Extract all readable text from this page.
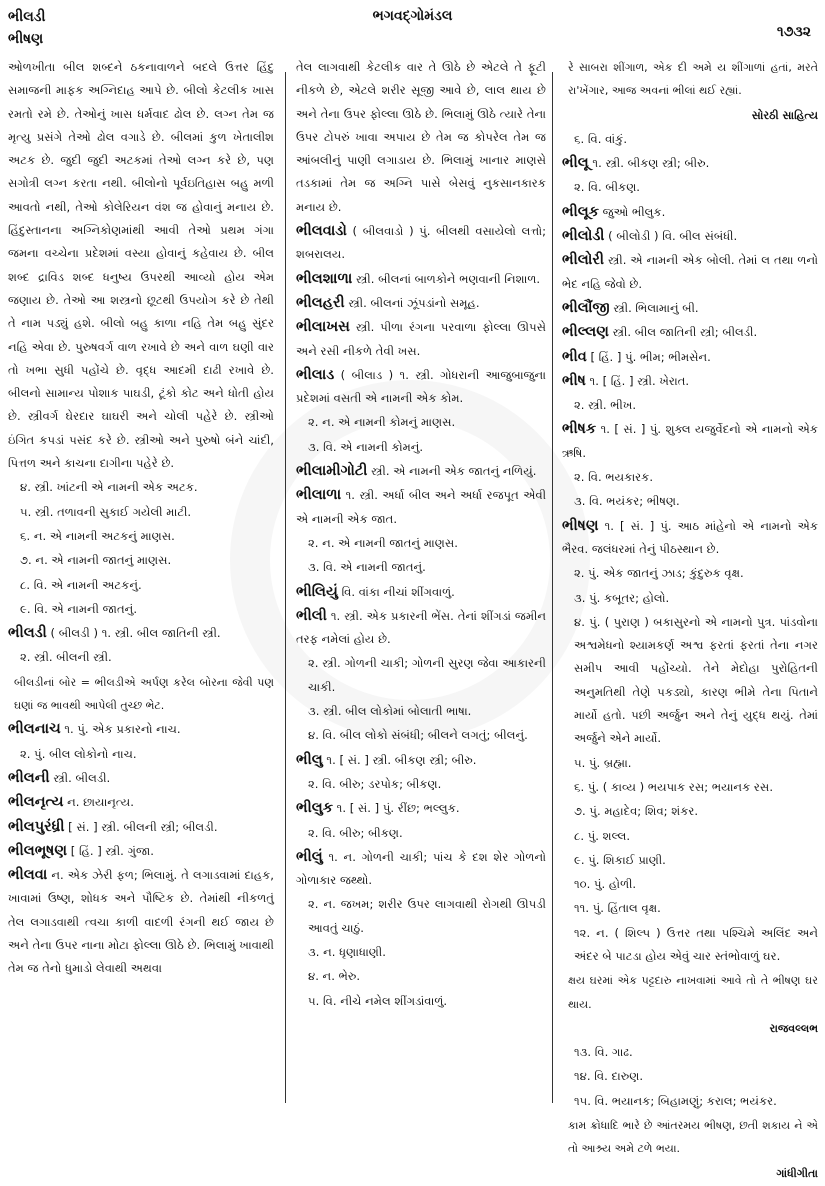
ભીલડી
ભીષણ
ભગવદ્ગોમંડલ
૧૭૩૨
ઓળખીતા બીલ શબ્દને ઠકનાવાળને બદલે ઉત્તર હિંદુ સમાજની માફક અગ્નિદાહ આપે છે. બીલો કેટલીક ખાસ રમતો રમે છે. તેઓનું ખાસ ધર્મવાદ ઢોલ છે. લગ્ન તેમ જ મૃત્યુ પ્રસંગે તેઓ ઢોલ વગાડે છે. બીલમાં કુળ ખેતાલીશ અટક છે. જુદી જુદી અટકમાં તેઓ લગ્ન કરે છે, પણ સગોત્રી લગ્ન કરતા નથી. બીલોનો પૂર્વઇતિહાસ બહુ મળી આવતો નથી, તેઓ કોલેરિયન વંશ જ હોવાનું મનાય છે. હિંદુસ્તાનના અગ્નિકોણમાંથી આવી તેઓ પ્રથમ ગંગા જમના વચ્ચેના પ્રદેશમાં વસ્યા હોવાનું કહેવાય છે. બીલ શબ્દ દ્રાવિડ શબ્દ ધનુષ્ય ઉપરથી આવ્યો હોય એમ જણાય છે. તેઓ આ શસ્ત્રનો છૂટથી ઉપયોગ કરે છે તેથી તે નામ પડ્યું હશે. બીલો બહુ કાળા નહિ તેમ બહુ સુંદર નહિ એવા છે. પુરુષવર્ગ વાળ રખાવે છે અને વાળ ઘણી વાર તો ખભા સુધી પહોંચે છે. વૃદ્ધ આદમી દાઢી રખાવે છે. બીલનો સામાન્ય પોશાક પાઘડી, ટૂંકો કોટ અને ધોતી હોય છે. સ્ત્રીવર્ગ ઘેરદાર ઘાઘરી અને ચોલી પહેરે છે. સ્ત્રીઓ ઇંગિત કપડાં પસંદ કરે છે. સ્ત્રીઓ અને પુરુષો બંને ચાંદી, પિત્તળ અને કાચના દાગીના પહેરે છે.
૪. સ્ત્રી. ખાંટની એ નામની એક અટક.
૫. સ્ત્રી. તળાવની સુકાઈ ગયેલી માટી.
૬. ન. એ નામની અટકનું માણસ.
૭. ન. એ નામની જાતનું માણસ.
૮. વિ. એ નામની અટકનું.
૯. વિ. એ નામની જાતનું.
ભીલડી ( બીલડી ) ૧. સ્ત્રી. બીલ જાતિની સ્ત્રી.
૨. સ્ત્રી. બીલની સ્ત્રી.
બીલડીનાં બોર = ભીલડીએ અર્પણ કરેલ બોરના જેવી પણ ઘણાં જ ભાવથી આપેલી તુચ્છ ભેટ.
ભીલનાચ ૧. પું. એક પ્રકારનો નાચ.
૨. પું. બીલ લોકોનો નાચ.
ભીલની સ્ત્રી. બીલડી.
ભીલનૃત્ય ન. છાયાનૃત્ય.
ભીલપુરંધ્રી [ સં. ] સ્ત્રી. બીલની સ્ત્રી; બીલડી.
ભીલભૂષણ [ હિં. ] સ્ત્રી. ગુંજા.
ભીલવા ન. એક ઝેરી ફળ; ભિલામું. તે લગાડવામાં દાહક, ખાવામાં ઉષ્ણ, શોધક અને પૌષ્ટિક છે. તેમાંથી નીકળતું તેલ લગાડવાથી ત્વચા કાળી વાદળી રંગની થઈ જાય છે અને તેના ઉપર નાના મોટા ફોલ્લા ઊઠે છે. ભિલામું ખાવાથી તેમ જ તેનો ધુમાડો લેવાથી અથવા
તેલ લાગવાથી કેટલીક વાર તે ઊઠે છે એટલે તે ફૂટી નીકળે છે, એટલે શરીર સૂજી આવે છે, લાલ થાય છે અને તેના ઉપર ફોલ્લા ઊઠે છે. ભિલામું ઊઠે ત્યારે તેના ઉપર ટોપરું ખાવા અપાય છે તેમ જ કોપરેલ તેમ જ આંબલીનું પાણી લગાડાય છે. ભિલામું ખાનાર માણસે તડકામાં તેમ જ અગ્નિ પાસે બેસવું નુકસાનકારક મનાય છે.
ભીલવાડો ( બીલવાડો ) પું. બીલથી વસાયેલો લત્તો; શબરાલય.
ભીલશાળા સ્ત્રી. બીલનાં બાળકોને ભણવાની નિશાળ.
ભીલહરી સ્ત્રી. બીલનાં ઝૂંપડાંનો સમૂહ.
ભીલાખસ સ્ત્રી. પીળા રંગના પરવાળા ફોલ્લા ઊપસે અને રસી નીકળે તેવી ખસ.
ભીલાડ ( બીલાડ ) ૧. સ્ત્રી. ગોધરાની આજુબાજુના પ્રદેશમાં વસતી એ નામની એક કોમ.
૨. ન. એ નામની કોમનું માણસ.
૩. વિ. એ નામની કોમનું.
ભીલામીગોટી સ્ત્રી. એ નામની એક જાતનું નળિયું.
ભીલાળા ૧. સ્ત્રી. અર્ધા બીલ અને અર્ધા રજપૂત એવી એ નામની એક જાત.
૨. ન. એ નામની જાતનું માણસ.
૩. વિ. એ નામની જાતનું.
ભીલિયું વિ. વાંકા નીચાં શીંગવાળું.
ભીલી ૧. સ્ત્રી. એક પ્રકારની ભેંસ. તેનાં શીંગડાં જમીન તરફ નમેલાં હોય છે.
૨. સ્ત્રી. ગોળની ચાકી; ગોળની સુરણ જેવા આકારની ચાકી.
૩. સ્ત્રી. બીલ લોકોમાં બોલાતી ભાષા.
૪. વિ. બીલ લોકો સંબંધી; બીલને લગતું; બીલનું.
ભીલુ ૧. [ સં. ] સ્ત્રી. બીકણ સ્ત્રી; બીરુ.
૨. વિ. બીરુ; ડરપોક; બીકણ.
ભીલુક ૧. [ સં. ] પું. રીંછ; ભલ્લુક.
૨. વિ. બીરુ; બીકણ.
ભીલું ૧. ન. ગોળની ચાકી; પાંચ કે દશ શેર ગોળનો ગોળાકાર જથ્થો.
૨. ન. જખમ; શરીર ઉપર લાગવાથી રોગથી ઊપડી આવતું ચાઠું.
૩. ન. ધૃણાધાણી.
૪. ન. ભેરુ.
૫. વિ. નીચે નમેલ શીંગડાંવાળું.
રે સાબરા શીંગાળ, એક દી અમે ય શીંગાળાં હતાં, મરતે રા'ખેંગાર, આજ અવનાં ભીલાં થઈ રહ્યાં.
સોરઠી સાહિત્ય
૬. વિ. વાંકું.
ભીલૂ ૧. સ્ત્રી. બીકણ સ્ત્રી; બીરુ.
૨. વિ. બીકણ.
ભીલૂક જુઓ ભીલુક.
ભીલોડી ( બીલોડી ) વિ. બીલ સંબંધી.
ભીલોરી સ્ત્રી. એ નામની એક બોલી. તેમાં લ તથા ળનો ભેદ નહિ જેવો છે.
ભીલૌંજી સ્ત્રી. ભિલામાનું બી.
ભીલ્લણ સ્ત્રી. બીલ જાતિની સ્ત્રી; બીલડી.
ભીવ [ હિં. ] પું. ભીમ; ભીમસેન.
ભીષ ૧. [ હિં. ] સ્ત્રી. ખેરાત.
૨. સ્ત્રી. ભીખ.
ભીષક ૧. [ સં. ] પું. શુક્લ યજુર્વેદનો એ નામનો એક ઋષિ.
૨. વિ. ભયકારક.
૩. વિ. ભયંકર; ભીષણ.
ભીષણ ૧. [ સં. ] પું. આઠ માંહેનો એ નામનો એક ભૈરવ. જલંધરમાં તેનું પીઠસ્થાન છે.
૨. પું. એક જાતનું ઝાડ; કુંદુરુક વૃક્ષ.
૩. પું. કબૂતર; હોલો.
૪. પું. ( પુરાણ ) બકાસુરનો એ નામનો પુત્ર. પાંડવોના અશ્વમેધનો શ્યામકર્ણ અશ્વ ફરતાં ફરતાં તેના નગર સમીપ આવી પહોંચ્યો. તેને મેદોહા પુરોહિતની અનુમતિથી તેણે પકડ્યો, કારણ ભીમે તેના પિતાને માર્યો હતો. પછી અર્જુન અને તેનું યુદ્ધ થયું. તેમાં અર્જુને એને માર્યો.
૫. પું. બ્રહ્મા.
૬. પું. ( કાવ્ય ) ભયપાક રસ; ભયાનક રસ.
૭. પું. મહાદેવ; શિવ; શંકર.
૮. પું. શલ્લ.
૯. પું. શિકાઈ પ્રાણી.
૧૦. પું. હોળી.
૧૧. પું. હિંતાલ વૃક્ષ.
૧૨. ન. ( શિલ્પ ) ઉત્તર તથા પશ્ચિમે અલિંદ અને અંદર બે પાટડા હોય એવું ચાર સ્તંભોવાળું ઘર.
ક્ષય ઘરમાં એક પટ્ટદારુ નાખવામાં આવે તો તે ભીષણ ઘર થાય.
રાજવલ્લભ
૧૩. વિ. ગાઢ.
૧૪. વિ. દારુણ.
૧૫. વિ. ભયાનક; બિહામણું; કરાલ; ભયંકર.
કામ ક્રોધાદિ ભારે છે આંતરમય ભીષણ, છતી શકાય ને એ તો આશ્ર્ય અમે ટળે ભયા.
ગાંધીગીતા
